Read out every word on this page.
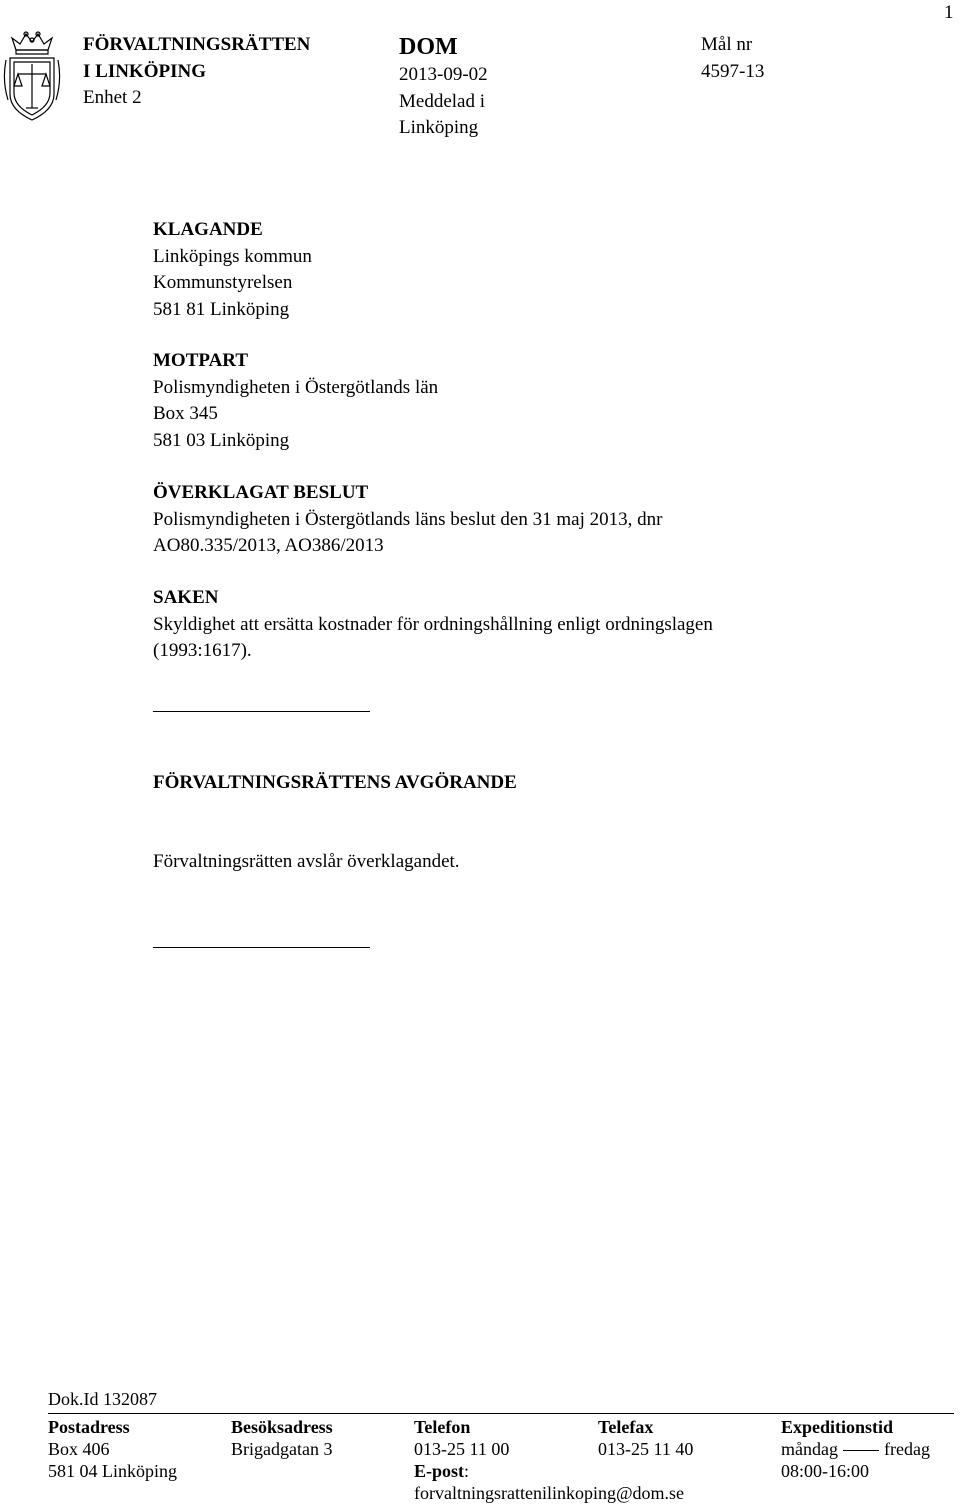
1
FÖRVALTNINGSRÄTTEN
I LINKÖPING
Enhet 2
DOM
2013-09-02
Meddelad i
Linköping
Mål nr
4597-13
KLAGANDE
Linköpings kommun
Kommunstyrelsen
581 81 Linköping
MOTPART
Polismyndigheten i Östergötlands län
Box 345
581 03 Linköping
ÖVERKLAGAT BESLUT
Polismyndigheten i Östergötlands läns beslut den 31 maj 2013, dnr
AO80.335/2013, AO386/2013
SAKEN
Skyldighet att ersätta kostnader för ordningshållning enligt ordningslagen
(1993:1617).
FÖRVALTNINGSRÄTTENS AVGÖRANDE
Förvaltningsrätten avslår överklagandet.
Dok.Id 132087
Postadress
Box 406
581 04 Linköping
Besöksadress
Brigadgatan 3
Telefon
013-25 11 00
E-post:
forvaltningsrattenilinkoping@dom.se
Telefax
013-25 11 40
Expeditionstid
måndag	fredag
08:00-16:00
